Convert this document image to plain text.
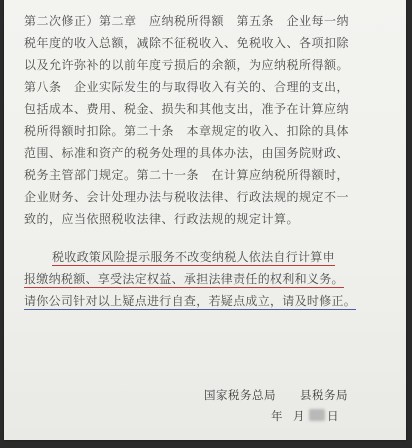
第二次修正）第二章　应纳税所得额　第五条　企业每一纳
税年度的收入总额，减除不征税收入、免税收入、各项扣除
以及允许弥补的以前年度亏损后的余额，为应纳税所得额。
第八条　企业实际发生的与取得收入有关的、合理的支出，
包括成本、费用、税金、损失和其他支出，准予在计算应纳
税所得额时扣除。第二十条　本章规定的收入、扣除的具体
范围、标准和资产的税务处理的具体办法，由国务院财政、
税务主管部门规定。第二十一条　在计算应纳税所得额时，
企业财务、会计处理办法与税收法律、行政法规的规定不一
致的，应当依照税收法律、行政法规的规定计算。
税收政策风险提示服务不改变纳税人依法自行计算申
报缴纳税额、享受法定权益、承担法律责任的权利和义务。
请你公司针对以上疑点进行自查，若疑点成立，请及时修正。
国家税务总局　　县税务局
年 月 日
